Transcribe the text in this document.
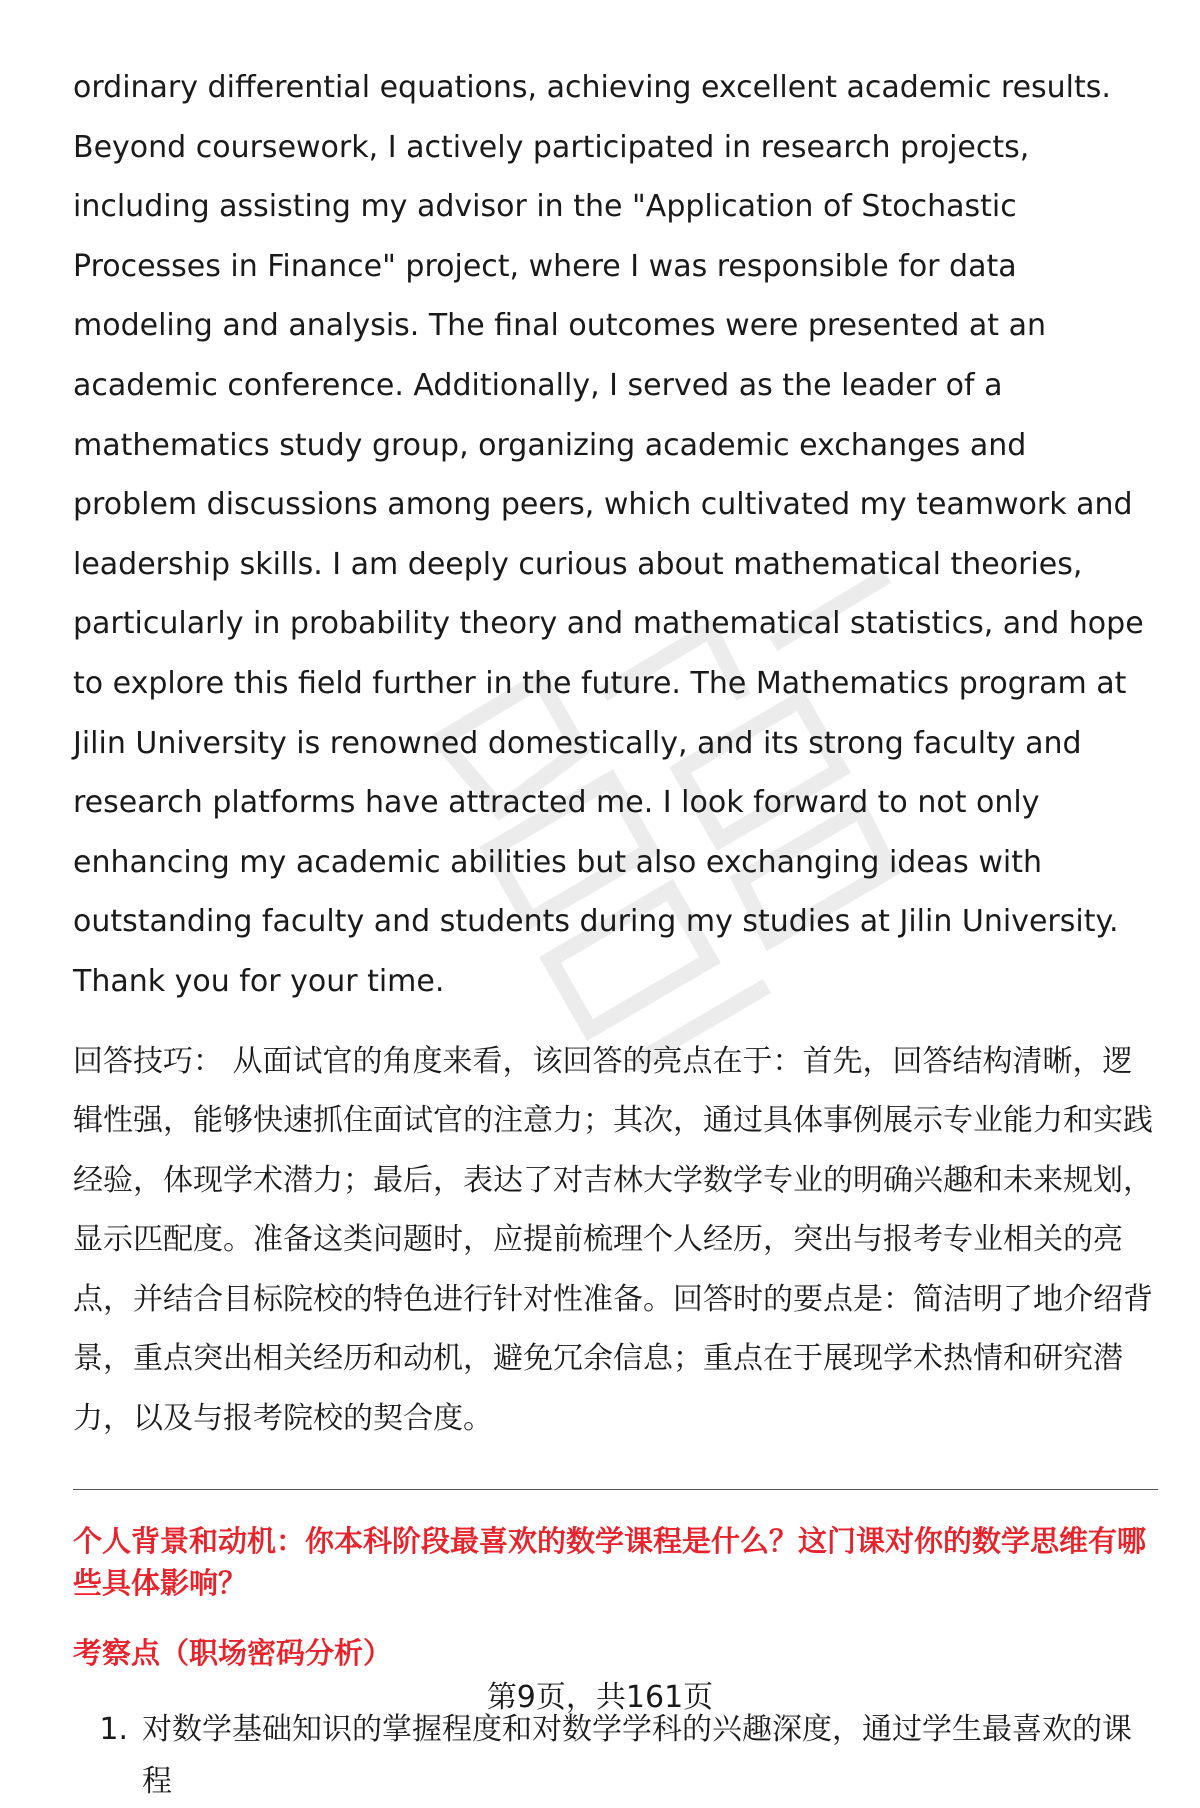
ordinary differential equations, achieving excellent academic results. Beyond coursework, I actively participated in research projects, including assisting my advisor in the "Application of Stochastic Processes in Finance" project, where I was responsible for data modeling and analysis. The final outcomes were presented at an academic conference. Additionally, I served as the leader of a mathematics study group, organizing academic exchanges and problem discussions among peers, which cultivated my teamwork and leadership skills. I am deeply curious about mathematical theories, particularly in probability theory and mathematical statistics, and hope to explore this field further in the future. The Mathematics program at Jilin University is renowned domestically, and its strong faculty and research platforms have attracted me. I look forward to not only enhancing my academic abilities but also exchanging ideas with outstanding faculty and students during my studies at Jilin University. Thank you for your time.

回答技巧： 从面试官的角度来看，该回答的亮点在于：首先，回答结构清晰，逻辑性强，能够快速抓住面试官的注意力；其次，通过具体事例展示专业能力和实践经验，体现学术潜力；最后，表达了对吉林大学数学专业的明确兴趣和未来规划，显示匹配度。准备这类问题时，应提前梳理个人经历，突出与报考专业相关的亮点，并结合目标院校的特色进行针对性准备。回答时的要点是：简洁明了地介绍背景，重点突出相关经历和动机，避免冗余信息；重点在于展现学术热情和研究潜力，以及与报考院校的契合度。

个人背景和动机：你本科阶段最喜欢的数学课程是什么？这门课对你的数学思维有哪些具体影响？
考察点（职场密码分析）
1. 对数学基础知识的掌握程度和对数学学科的兴趣深度，通过学生最喜欢的课程
第9页，共161页
